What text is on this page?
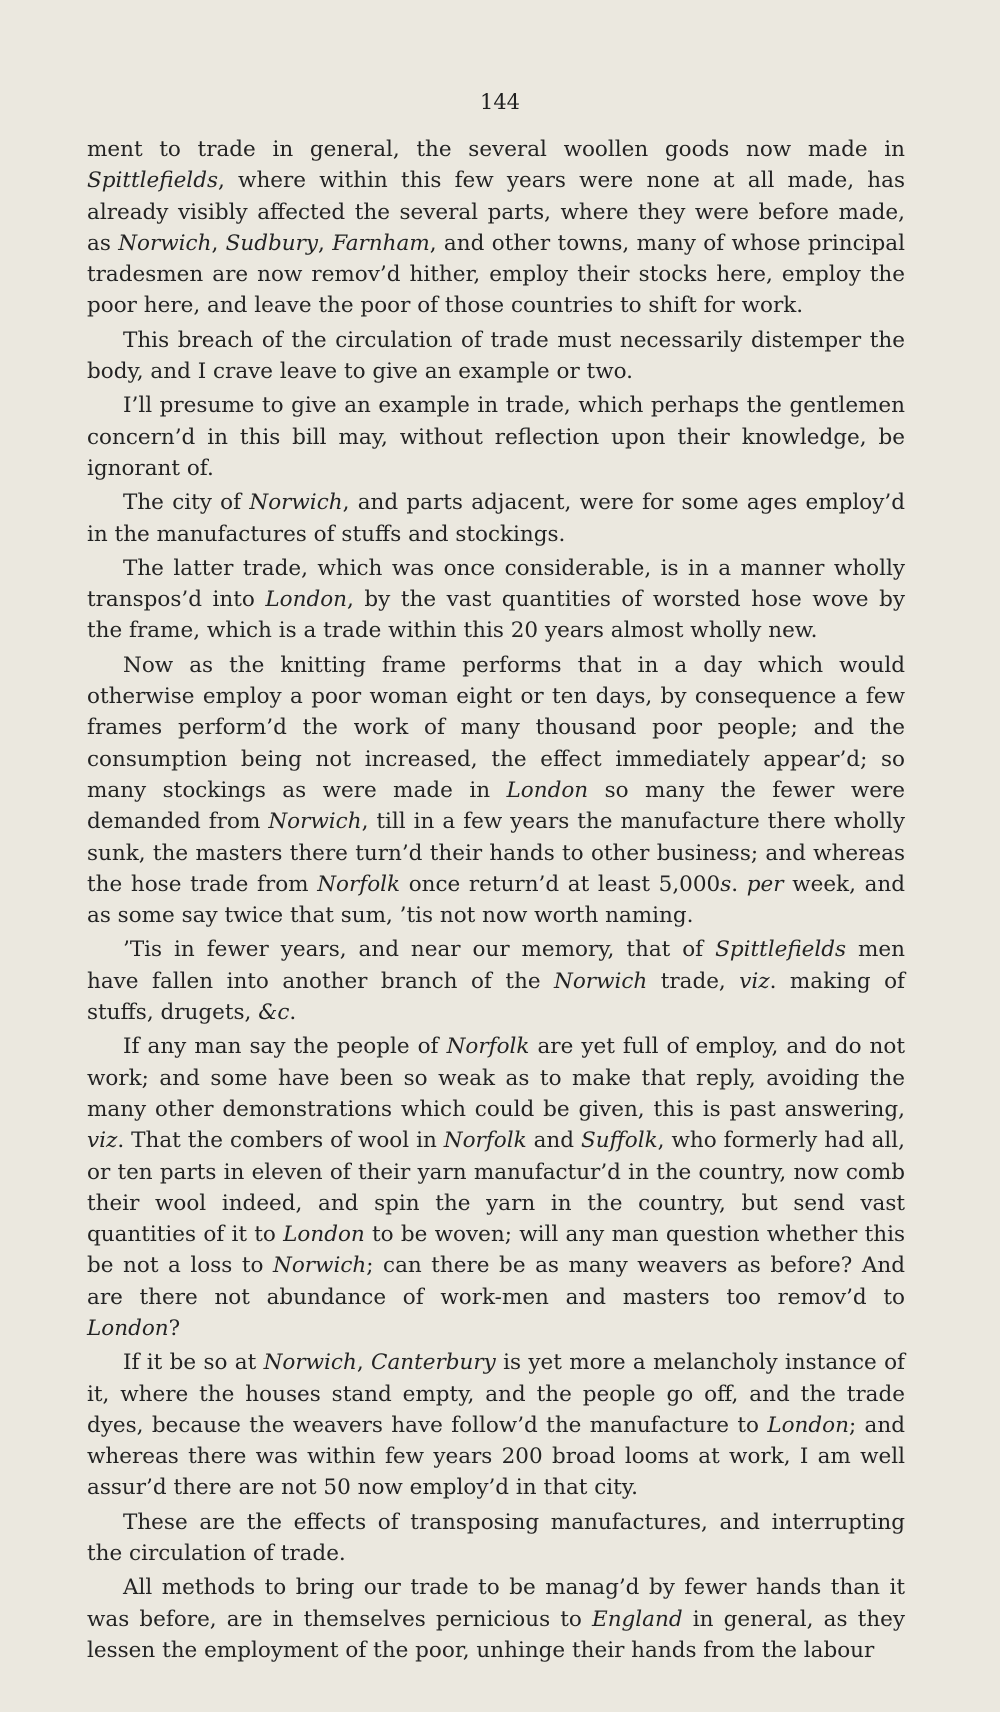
144

ment to trade in general, the several woollen goods now made in Spittlefields, where within this few years were none at all made, has already visibly affected the several parts, where they were before made, as Norwich, Sudbury, Farnham, and other towns, many of whose principal tradesmen are now remov’d hither, employ their stocks here, employ the poor here, and leave the poor of those countries to shift for work.

This breach of the circulation of trade must necessarily distemper the body, and I crave leave to give an example or two.

I’ll presume to give an example in trade, which perhaps the gentlemen concern’d in this bill may, without reflection upon their knowledge, be ignorant of.

The city of Norwich, and parts adjacent, were for some ages employ’d in the manufactures of stuffs and stockings.

The latter trade, which was once considerable, is in a manner wholly transpos’d into London, by the vast quantities of worsted hose wove by the frame, which is a trade within this 20 years almost wholly new.

Now as the knitting frame performs that in a day which would otherwise employ a poor woman eight or ten days, by consequence a few frames perform’d the work of many thousand poor people; and the consumption being not increased, the effect immediately appear’d; so many stockings as were made in London so many the fewer were demanded from Norwich, till in a few years the manufacture there wholly sunk, the masters there turn’d their hands to other business; and whereas the hose trade from Norfolk once return’d at least 5,000s. per week, and as some say twice that sum, ’tis not now worth naming.

’Tis in fewer years, and near our memory, that of Spittlefields men have fallen into another branch of the Norwich trade, viz. making of stuffs, drugets, &c.

If any man say the people of Norfolk are yet full of employ, and do not work; and some have been so weak as to make that reply, avoiding the many other demonstrations which could be given, this is past answering, viz. That the combers of wool in Norfolk and Suffolk, who formerly had all, or ten parts in eleven of their yarn manufactur’d in the country, now comb their wool indeed, and spin the yarn in the country, but send vast quantities of it to London to be woven; will any man question whether this be not a loss to Norwich; can there be as many weavers as before? And are there not abundance of work-men and masters too remov’d to London?

If it be so at Norwich, Canterbury is yet more a melancholy instance of it, where the houses stand empty, and the people go off, and the trade dyes, because the weavers have follow’d the manufacture to London; and whereas there was within few years 200 broad looms at work, I am well assur’d there are not 50 now employ’d in that city.

These are the effects of transposing manufactures, and interrupting the circulation of trade.

All methods to bring our trade to be manag’d by fewer hands than it was before, are in themselves pernicious to England in general, as they lessen the employment of the poor, unhinge their hands from the labour
